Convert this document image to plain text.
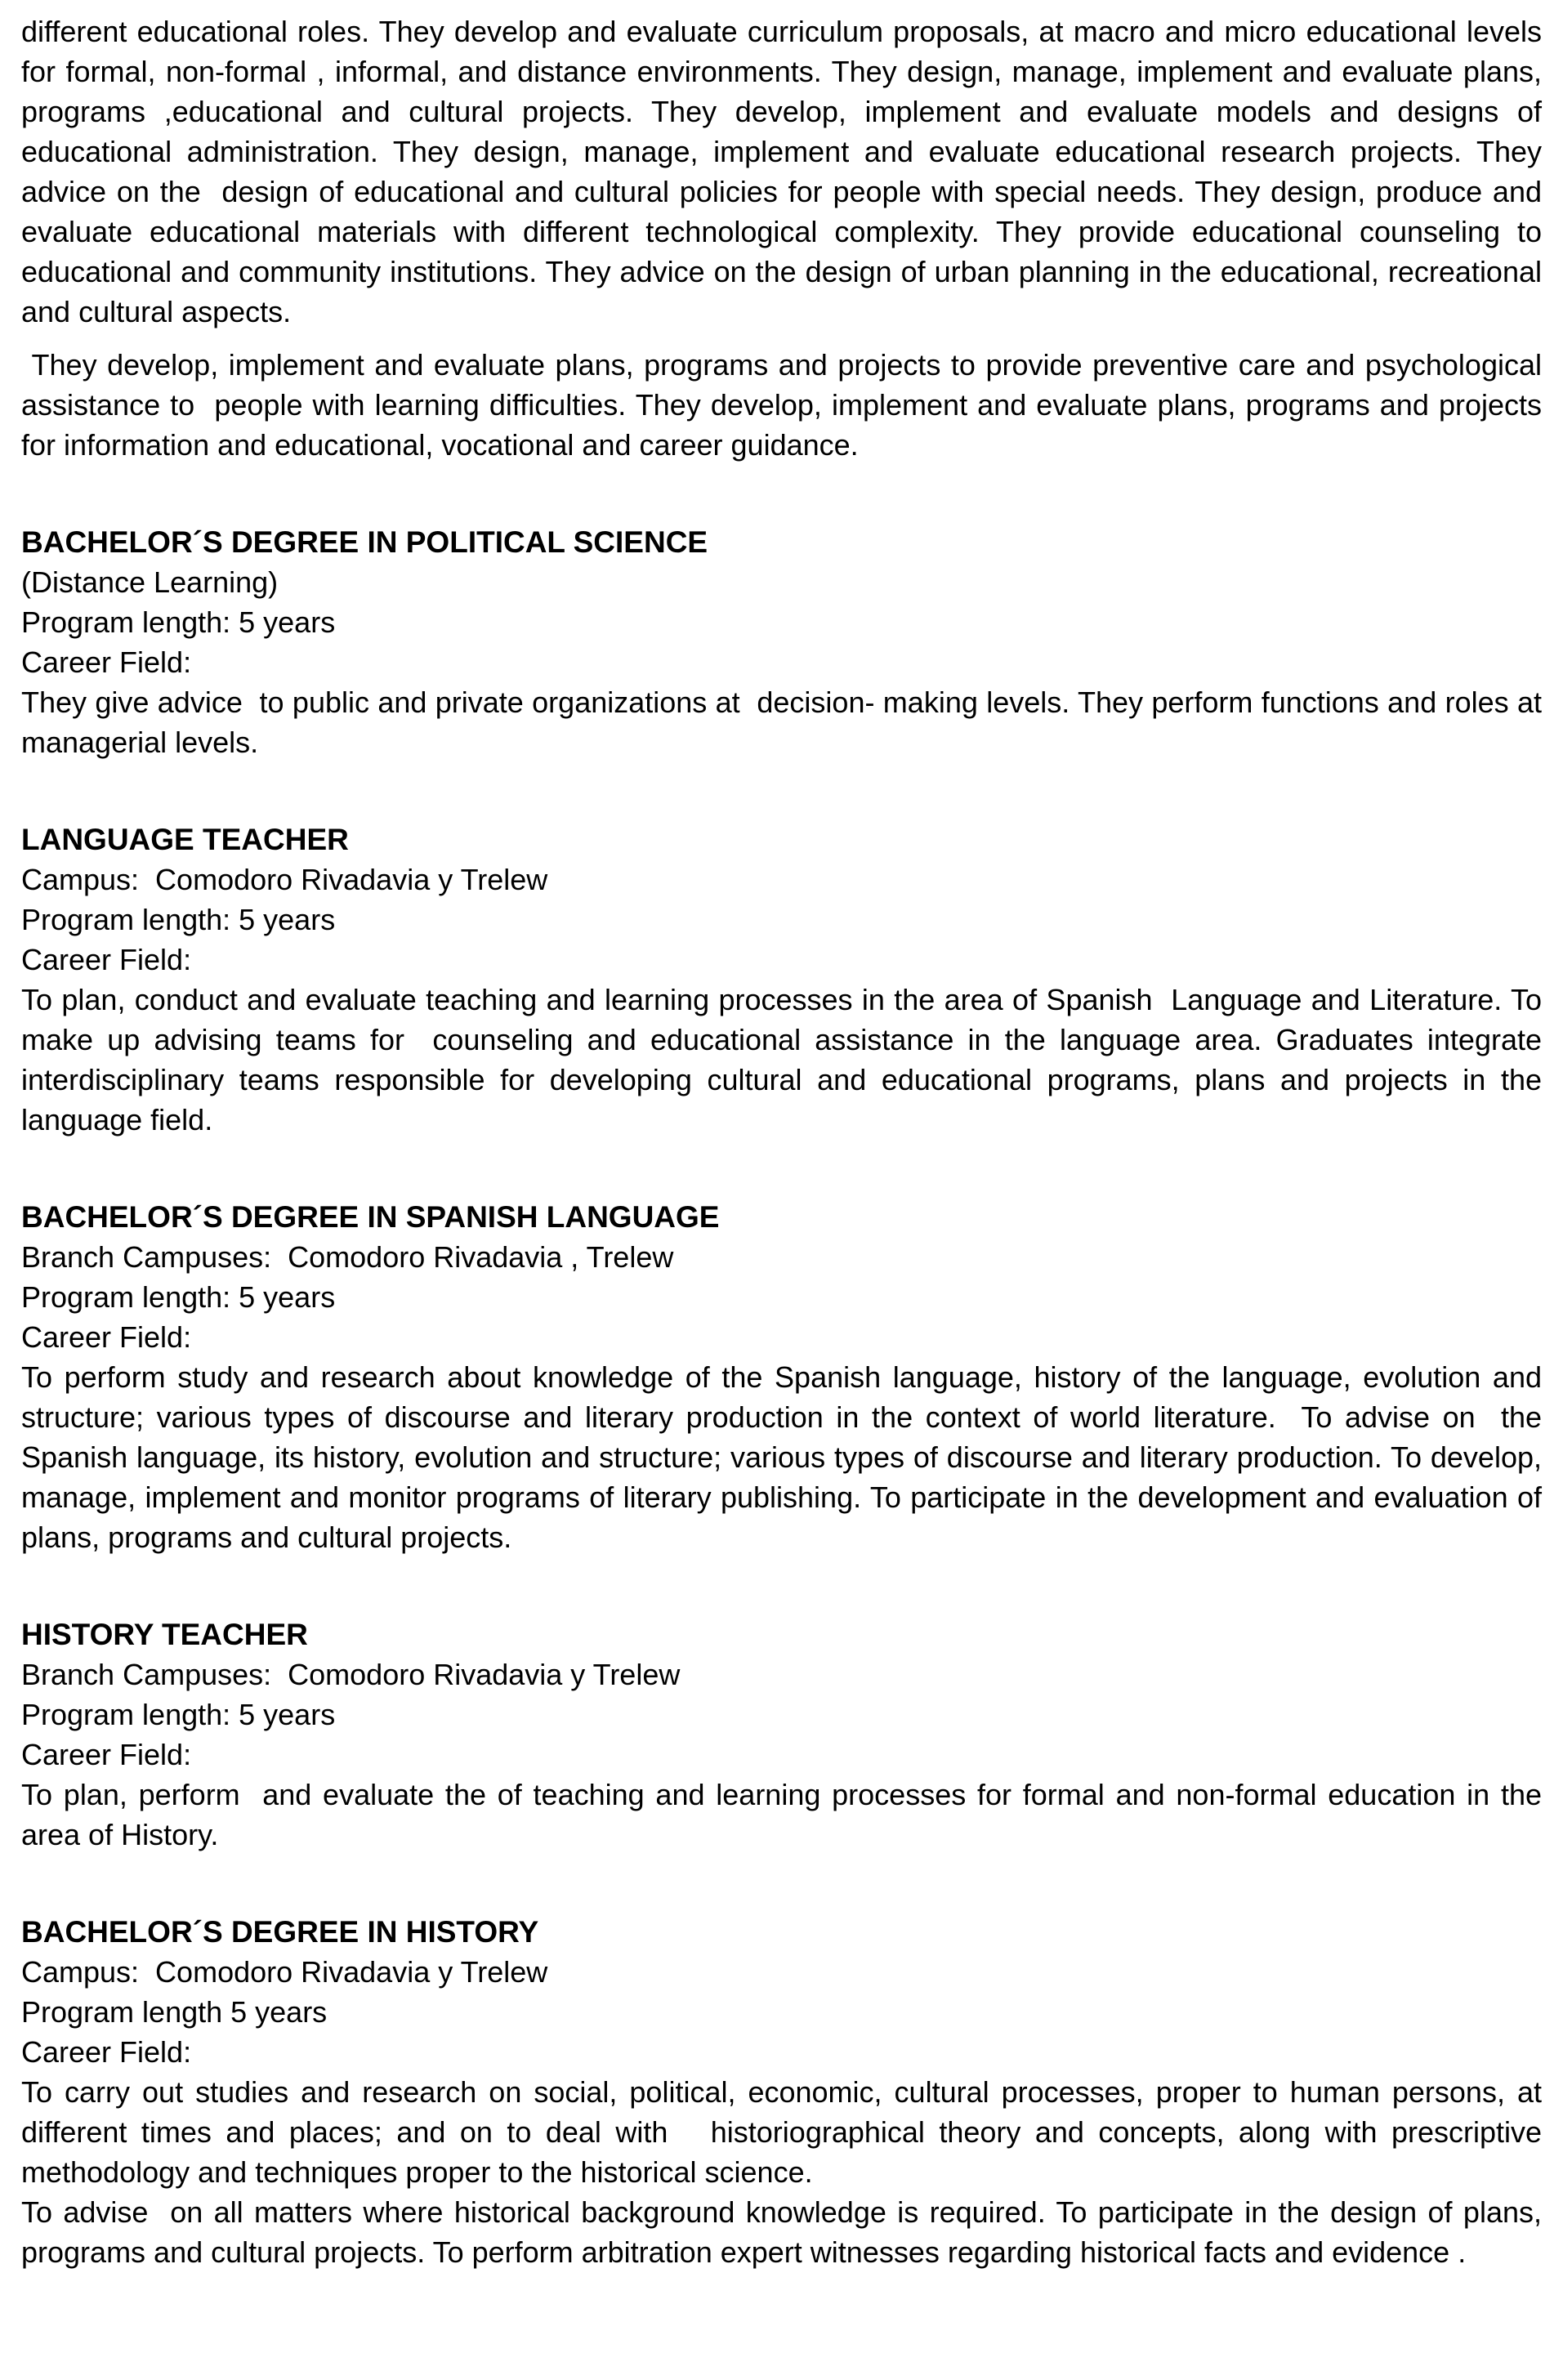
different educational roles. They develop and evaluate curriculum proposals, at macro and micro educational levels  for formal, non-formal , informal, and distance environments. They design, manage, implement and evaluate plans, programs ,educational and cultural projects. They develop, implement and evaluate models and designs of educational administration. They design, manage, implement and evaluate educational research projects. They advice on the  design of educational and cultural policies for people with special needs. They design, produce and evaluate educational materials with different technological complexity. They provide educational counseling to educational and community institutions. They advice on the design of urban planning in the educational, recreational and cultural aspects.

They develop, implement and evaluate plans, programs and projects to provide preventive care and psychological assistance to  people with learning difficulties. They develop, implement and evaluate plans, programs and projects for information and educational, vocational and career guidance.

BACHELOR´S DEGREE IN POLITICAL SCIENCE

(Distance Learning)

Program length: 5 years

Career Field:

They give advice  to public and private organizations at  decision- making levels. They perform functions and roles at managerial levels.

LANGUAGE TEACHER

Campus:  Comodoro Rivadavia y Trelew

Program length: 5 years

Career Field:

To plan, conduct and evaluate teaching and learning processes in the area of Spanish  Language and Literature. To make up advising teams for  counseling and educational assistance in the language area. Graduates integrate interdisciplinary teams responsible for developing cultural and educational programs, plans and projects in the language field.

BACHELOR´S DEGREE IN SPANISH LANGUAGE

Branch Campuses:  Comodoro Rivadavia , Trelew

Program length: 5 years

Career Field:

To perform study and research about knowledge of the Spanish language, history of the language, evolution and structure; various types of discourse and literary production in the context of world literature.  To advise on  the Spanish language, its history, evolution and structure; various types of discourse and literary production. To develop, manage, implement and monitor programs of literary publishing. To participate in the development and evaluation of plans, programs and cultural projects.

HISTORY TEACHER

Branch Campuses:  Comodoro Rivadavia y Trelew

Program length: 5 years

Career Field:

To plan, perform  and evaluate the of teaching and learning processes for formal and non-formal education in the area of History.

BACHELOR´S DEGREE IN HISTORY

Campus:  Comodoro Rivadavia y Trelew

Program length 5 years

Career Field:

To carry out studies and research on social, political, economic, cultural processes, proper to human persons, at different times and places; and on to deal with   historiographical theory and concepts, along with prescriptive methodology and techniques proper to the historical science.

To advise  on all matters where historical background knowledge is required. To participate in the design of plans, programs and cultural projects. To perform arbitration expert witnesses regarding historical facts and evidence .
